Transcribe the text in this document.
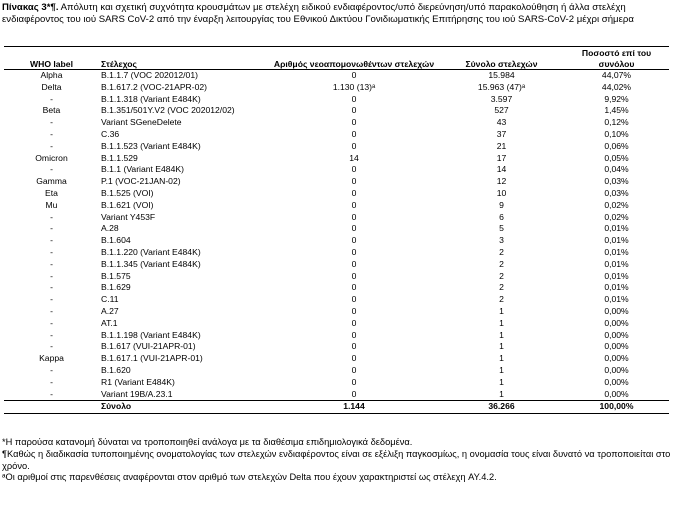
Πίνακας 3*¶. Απόλυτη και σχετική συχνότητα κρουσμάτων με στελέχη ειδικού ενδιαφέροντος/υπό διερεύνηση/υπό παρακολούθηση ή άλλα στελέχη ενδιαφέροντος του ιού SARS CoV-2 από την έναρξη λειτουργίας του Εθνικού Δικτύου Γονιδιωματικής Επιτήρησης του ιού SARS-CoV-2 μέχρι σήμερα
WHO label	Στέλεχος	Αριθμός νεοαπομονωθέντων στελεχών	Σύνολο στελεχών	Ποσοστό επί του συνόλου
Alpha	B.1.1.7 (VOC 202012/01)	0	15.984	44,07%
Delta	B.1.617.2 (VOC-21APR-02)	1.130 (13)ᵃ	15.963 (47)ᵃ	44,02%
-	B.1.1.318 (Variant E484K)	0	3.597	9,92%
Beta	B.1.351/501Y.V2 (VOC 202012/02)	0	527	1,45%
-	Variant SGeneDelete	0	43	0,12%
-	C.36	0	37	0,10%
-	B.1.1.523 (Variant E484K)	0	21	0,06%
Omicron	B.1.1.529	14	17	0,05%
-	B.1.1 (Variant E484K)	0	14	0,04%
Gamma	P.1 (VOC-21JAN-02)	0	12	0,03%
Eta	B.1.525 (VOI)	0	10	0,03%
Mu	B.1.621 (VOI)	0	9	0,02%
-	Variant Y453F	0	6	0,02%
-	A.28	0	5	0,01%
-	B.1.604	0	3	0,01%
-	B.1.1.220 (Variant E484K)	0	2	0,01%
-	B.1.1.345 (Variant E484K)	0	2	0,01%
-	B.1.575	0	2	0,01%
-	B.1.629	0	2	0,01%
-	C.11	0	2	0,01%
-	A.27	0	1	0,00%
-	AT.1	0	1	0,00%
-	B.1.1.198 (Variant E484K)	0	1	0,00%
-	B.1.617 (VUI-21APR-01)	0	1	0,00%
Kappa	B.1.617.1 (VUI-21APR-01)	0	1	0,00%
-	B.1.620	0	1	0,00%
-	R1 (Variant E484K)	0	1	0,00%
-	Variant 19B/A.23.1	0	1	0,00%
	Σύνολο	1.144	36.266	100,00%

*Η παρούσα κατανομή δύναται να τροποποιηθεί ανάλογα με τα διαθέσιμα επιδημιολογικά δεδομένα.

¶Καθώς η διαδικασία τυποποιημένης ονοματολογίας των στελεχών ενδιαφέροντος είναι σε εξέλιξη παγκοσμίως, η ονομασία τους είναι δυνατό να τροποποιείται στο χρόνο.

ᵃΟι αριθμοί στις παρενθέσεις αναφέρονται στον αριθμό των στελεχών Delta που έχουν χαρακτηριστεί ως στέλεχη AY.4.2.
